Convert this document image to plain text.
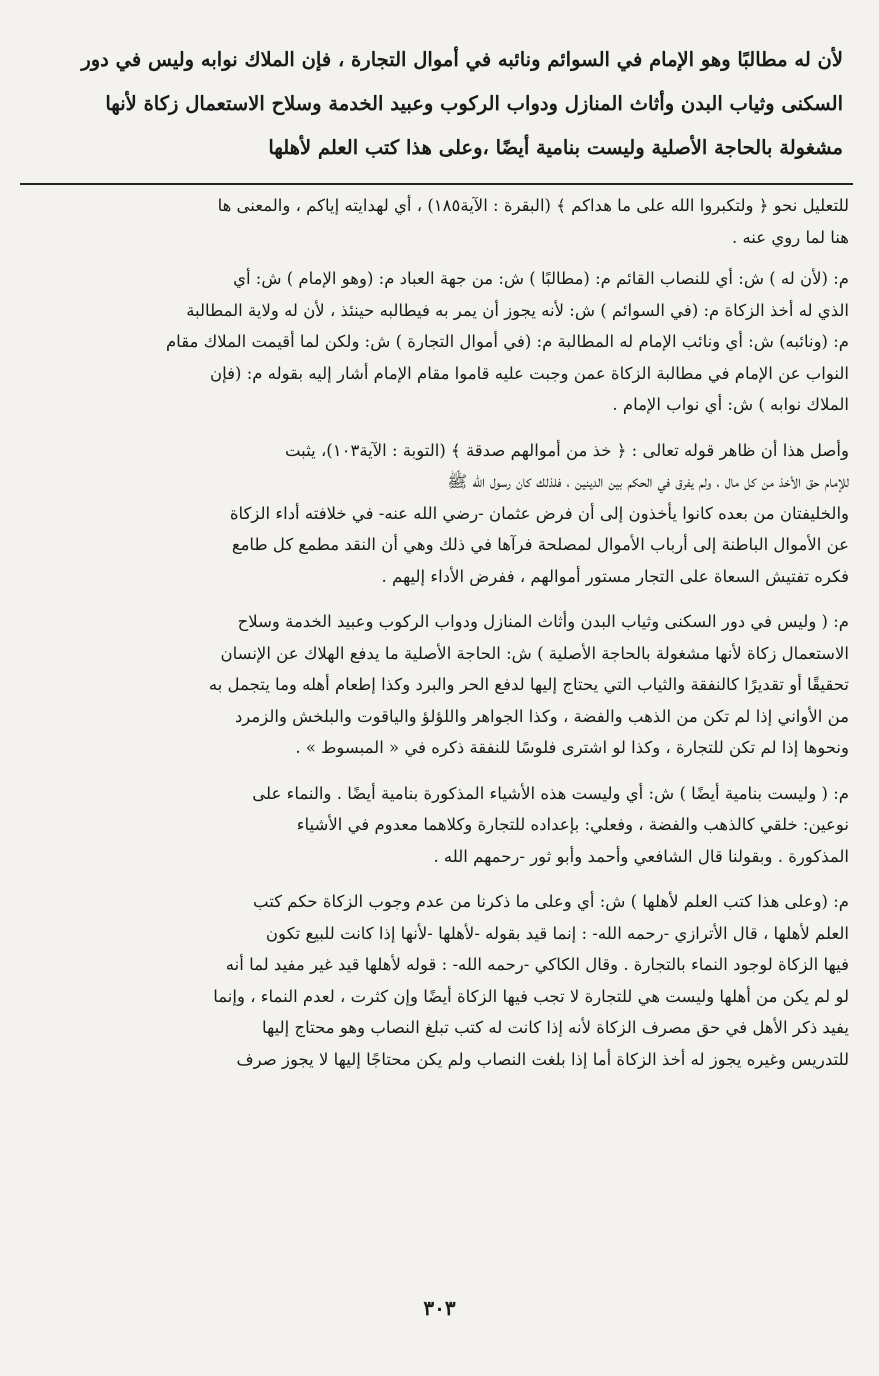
لأن له مطالبًا وهو الإمام في السوائم ونائبه في أموال التجارة ، فإن الملاك نوابه وليس في دور

السكنى وثياب البدن وأثاث المنازل ودواب الركوب وعبيد الخدمة وسلاح الاستعمال زكاة لأنها

مشغولة بالحاجة الأصلية وليست بنامية أيضًا ،وعلى هذا كتب العلم لأهلها

للتعليل نحو ﴿ ولتكبروا الله على ما هداكم ﴾ (البقرة : الآية١٨٥) ، أي لهدايته إياكم ، والمعنى ها
هنا لما روي عنه .
م: (لأن له ) ش: أي للنصاب القائم م: (مطالبًا ) ش: من جهة العباد م: (وهو الإمام ) ش: أي
الذي له أخذ الزكاة م: (في السوائم ) ش: لأنه يجوز أن يمر به فيطالبه حينئذ ، لأن له ولاية المطالبة
م: (ونائبه) ش: أي ونائب الإمام له المطالبة م: (في أموال التجارة ) ش: ولكن لما أقيمت الملاك مقام
النواب عن الإمام في مطالبة الزكاة عمن وجبت عليه قاموا مقام الإمام أشار إليه بقوله م: (فإن
الملاك نوابه ) ش: أي نواب الإمام .
وأصل هذا أن ظاهر قوله تعالى : ﴿ خذ من أموالهم صدقة ﴾ (التوبة : الآية١٠٣)، يثبت
للإمام حق الأخذ من كل مال ، ولم يفرق في الحكم بين الدينين ، فلذلك كان رسول الله ﷺ
والخليفتان من بعده كانوا يأخذون إلى أن فرض عثمان -رضي الله عنه- في خلافته أداء الزكاة
عن الأموال الباطنة إلى أرباب الأموال لمصلحة فرآها في ذلك وهي أن النقد مطمع كل طامع
فكره تفتيش السعاة على التجار مستور أموالهم ، ففرض الأداء إليهم .
م: ( وليس في دور السكنى وثياب البدن وأثاث المنازل ودواب الركوب وعبيد الخدمة وسلاح
الاستعمال زكاة لأنها مشغولة بالحاجة الأصلية ) ش: الحاجة الأصلية ما يدفع الهلاك عن الإنسان
تحقيقًا أو تقديرًا كالنفقة والثياب التي يحتاج إليها لدفع الحر والبرد وكذا إطعام أهله وما يتجمل به
من الأواني إذا لم تكن من الذهب والفضة ، وكذا الجواهر واللؤلؤ والياقوت والبلخش والزمرد
ونحوها إذا لم تكن للتجارة ، وكذا لو اشترى فلوسًا للنفقة ذكره في « المبسوط » .
م: ( وليست بنامية أيضًا ) ش: أي وليست هذه الأشياء المذكورة بنامية أيضًا . والنماء على
نوعين: خلقي كالذهب والفضة ، وفعلي: بإعداده للتجارة وكلاهما معدوم في الأشياء
المذكورة . وبقولنا قال الشافعي وأحمد وأبو ثور -رحمهم الله .
م: (وعلى هذا كتب العلم لأهلها ) ش: أي وعلى ما ذكرنا من عدم وجوب الزكاة حكم كتب
العلم لأهلها ، قال الأترازي -رحمه الله- : إنما قيد بقوله -لأهلها -لأنها إذا كانت للبيع تكون
فيها الزكاة لوجود النماء بالتجارة . وقال الكاكي -رحمه الله- : قوله لأهلها قيد غير مفيد لما أنه
لو لم يكن من أهلها وليست هي للتجارة لا تجب فيها الزكاة أيضًا وإن كثرت ، لعدم النماء ، وإنما
يفيد ذكر الأهل في حق مصرف الزكاة لأنه إذا كانت له كتب تبلغ النصاب وهو محتاج إليها
للتدريس وغيره يجوز له أخذ الزكاة أما إذا بلغت النصاب ولم يكن محتاجًا إليها لا يجوز صرف
٣٠٣
